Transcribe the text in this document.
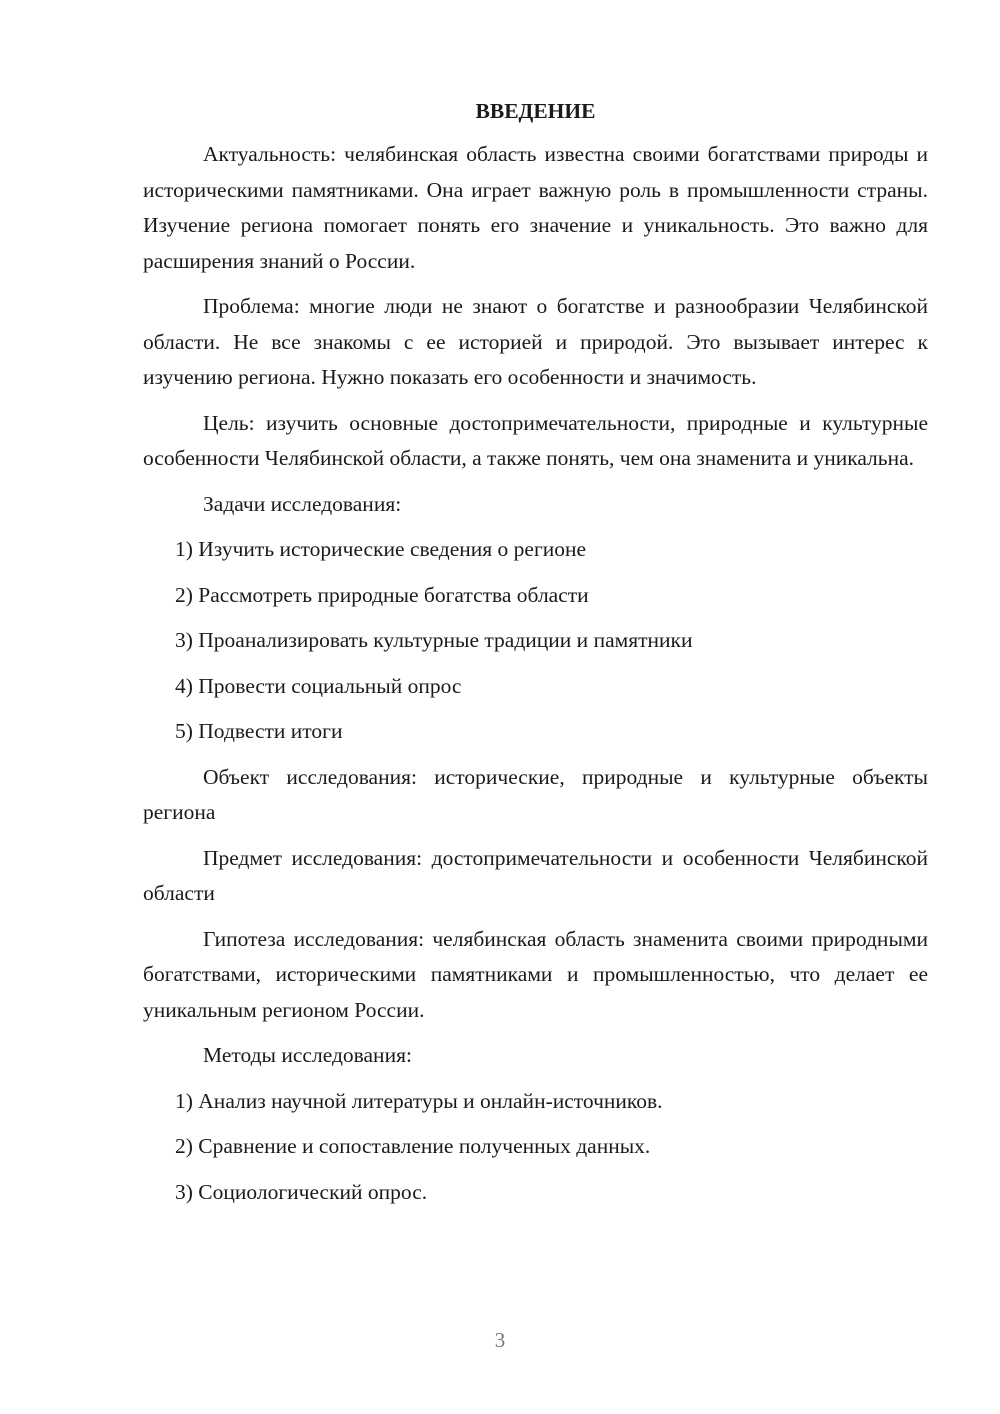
ВВЕДЕНИЕ

Актуальность: челябинская область известна своими богатствами природы и историческими памятниками. Она играет важную роль в промышленности страны. Изучение региона помогает понять его значение и уникальность. Это важно для расширения знаний о России.

Проблема: многие люди не знают о богатстве и разнообразии Челябинской области. Не все знакомы с ее историей и природой. Это вызывает интерес к изучению региона. Нужно показать его особенности и значимость.

Цель: изучить основные достопримечательности, природные и культурные особенности Челябинской области, а также понять, чем она знаменита и уникальна.

Задачи исследования:

1) Изучить исторические сведения о регионе
2) Рассмотреть природные богатства области
3) Проанализировать культурные традиции и памятники
4) Провести социальный опрос
5) Подвести итоги

Объект исследования: исторические, природные и культурные объекты региона

Предмет исследования: достопримечательности и особенности Челябинской области

Гипотеза исследования: челябинская область знаменита своими природными богатствами, историческими памятниками и промышленностью, что делает ее уникальным регионом России.

Методы исследования:

1) Анализ научной литературы и онлайн-источников.
2) Сравнение и сопоставление полученных данных.
3) Социологический опрос.
3
